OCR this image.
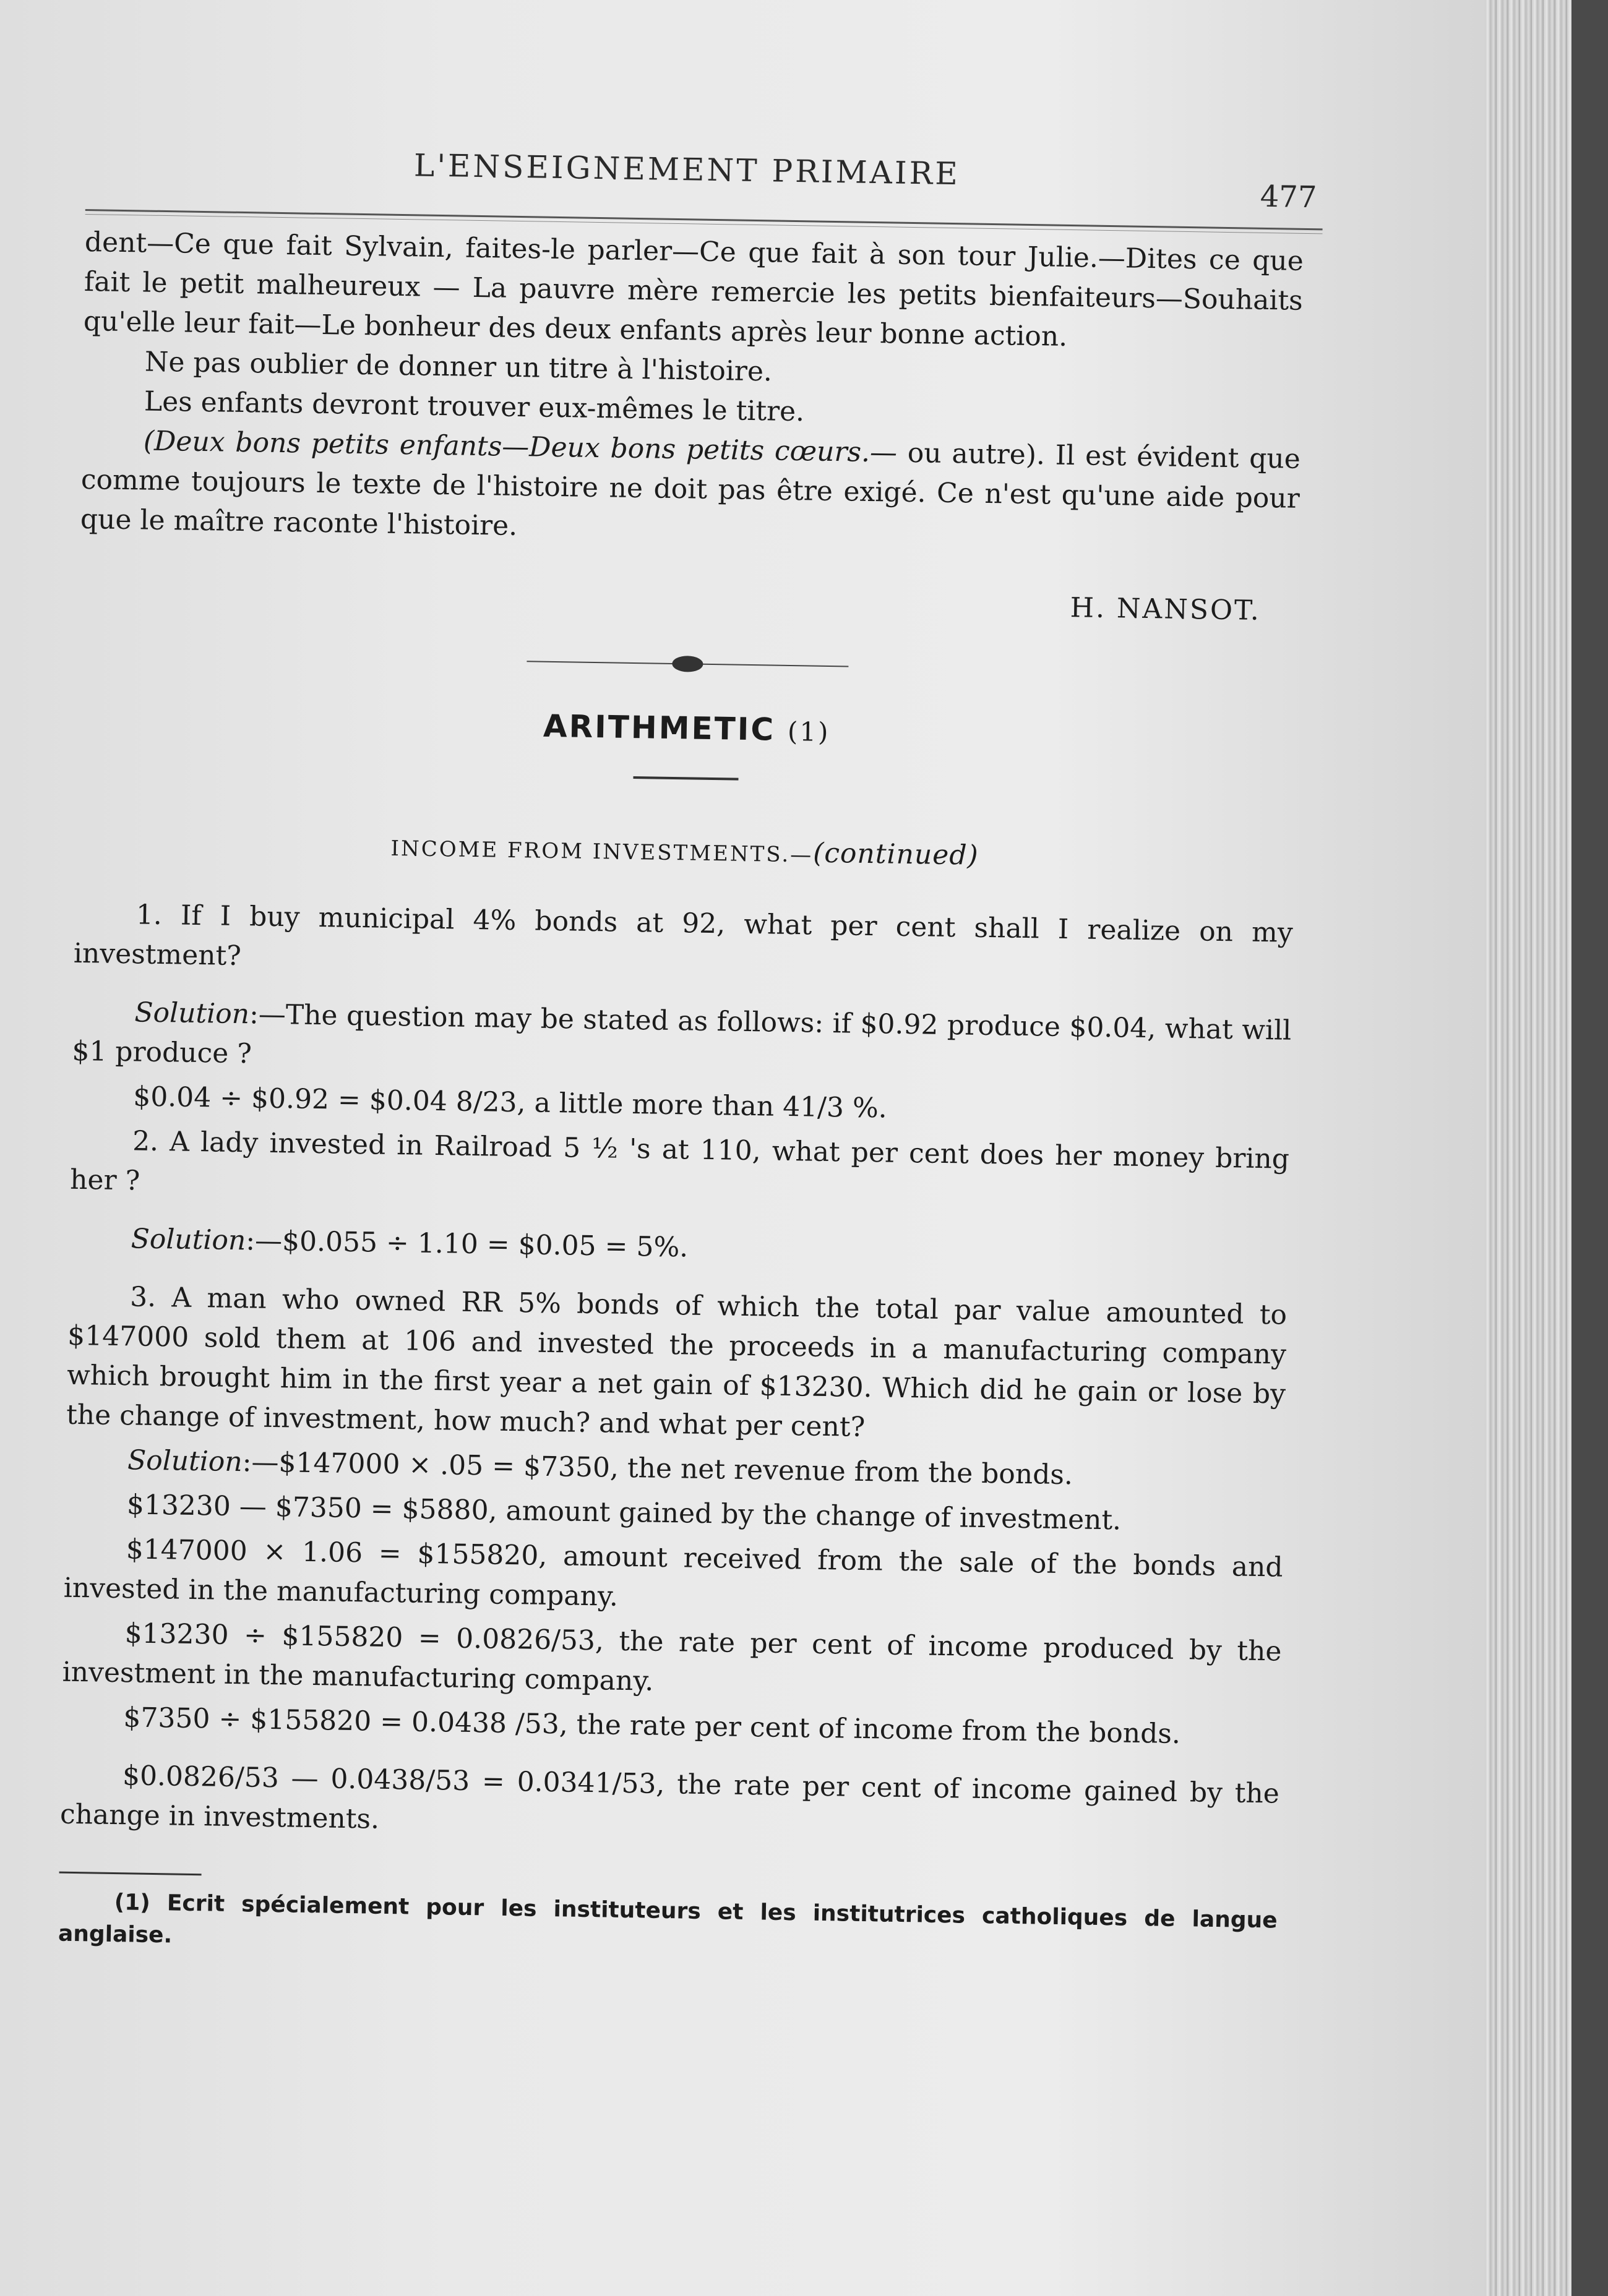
L'ENSEIGNEMENT PRIMAIRE
477

dent—Ce que fait Sylvain, faites-le parler—Ce que fait à son tour Julie.—Dites ce que fait le petit malheureux — La pauvre mère remercie les petits bienfaiteurs—Souhaits qu'elle leur fait—Le bonheur des deux enfants après leur bonne action.

Ne pas oublier de donner un titre à l'histoire.

Les enfants devront trouver eux-mêmes le titre.

(Deux bons petits enfants—Deux bons petits cœurs.— ou autre). Il est évident que comme toujours le texte de l'histoire ne doit pas être exigé. Ce n'est qu'une aide pour que le maître raconte l'histoire.

H. NANSOT.
ARITHMETIC (1)
INCOME FROM INVESTMENTS.—(continued)

1. If I buy municipal 4% bonds at 92, what per cent shall I realize on my investment?

Solution:—The question may be stated as follows: if $0.92 produce $0.04, what will $1 produce ?

$0.04 ÷ $0.92 = $0.04 8/23, a little more than 41/3 %.

2. A lady invested in Railroad 5 ½ 's at 110, what per cent does her money bring her ?

Solution:—$0.055 ÷ 1.10 = $0.05 = 5%.

3. A man who owned RR 5% bonds of which the total par value amounted to $147000 sold them at 106 and invested the proceeds in a manufacturing company which brought him in the first year a net gain of $13230. Which did he gain or lose by the change of investment, how much? and what per cent?

Solution:—$147000 × .05 = $7350, the net revenue from the bonds.

$13230 — $7350 = $5880, amount gained by the change of investment.

$147000 × 1.06 = $155820, amount received from the sale of the bonds and invested in the manufacturing company.

$13230 ÷ $155820 = 0.0826/53, the rate per cent of income produced by the investment in the manufacturing company.

$7350 ÷ $155820 = 0.0438 /53, the rate per cent of income from the bonds.

$0.0826/53 — 0.0438/53 = 0.0341/53, the rate per cent of income gained by the change in investments.

(1) Ecrit spécialement pour les instituteurs et les institutrices catholiques de langue anglaise.
